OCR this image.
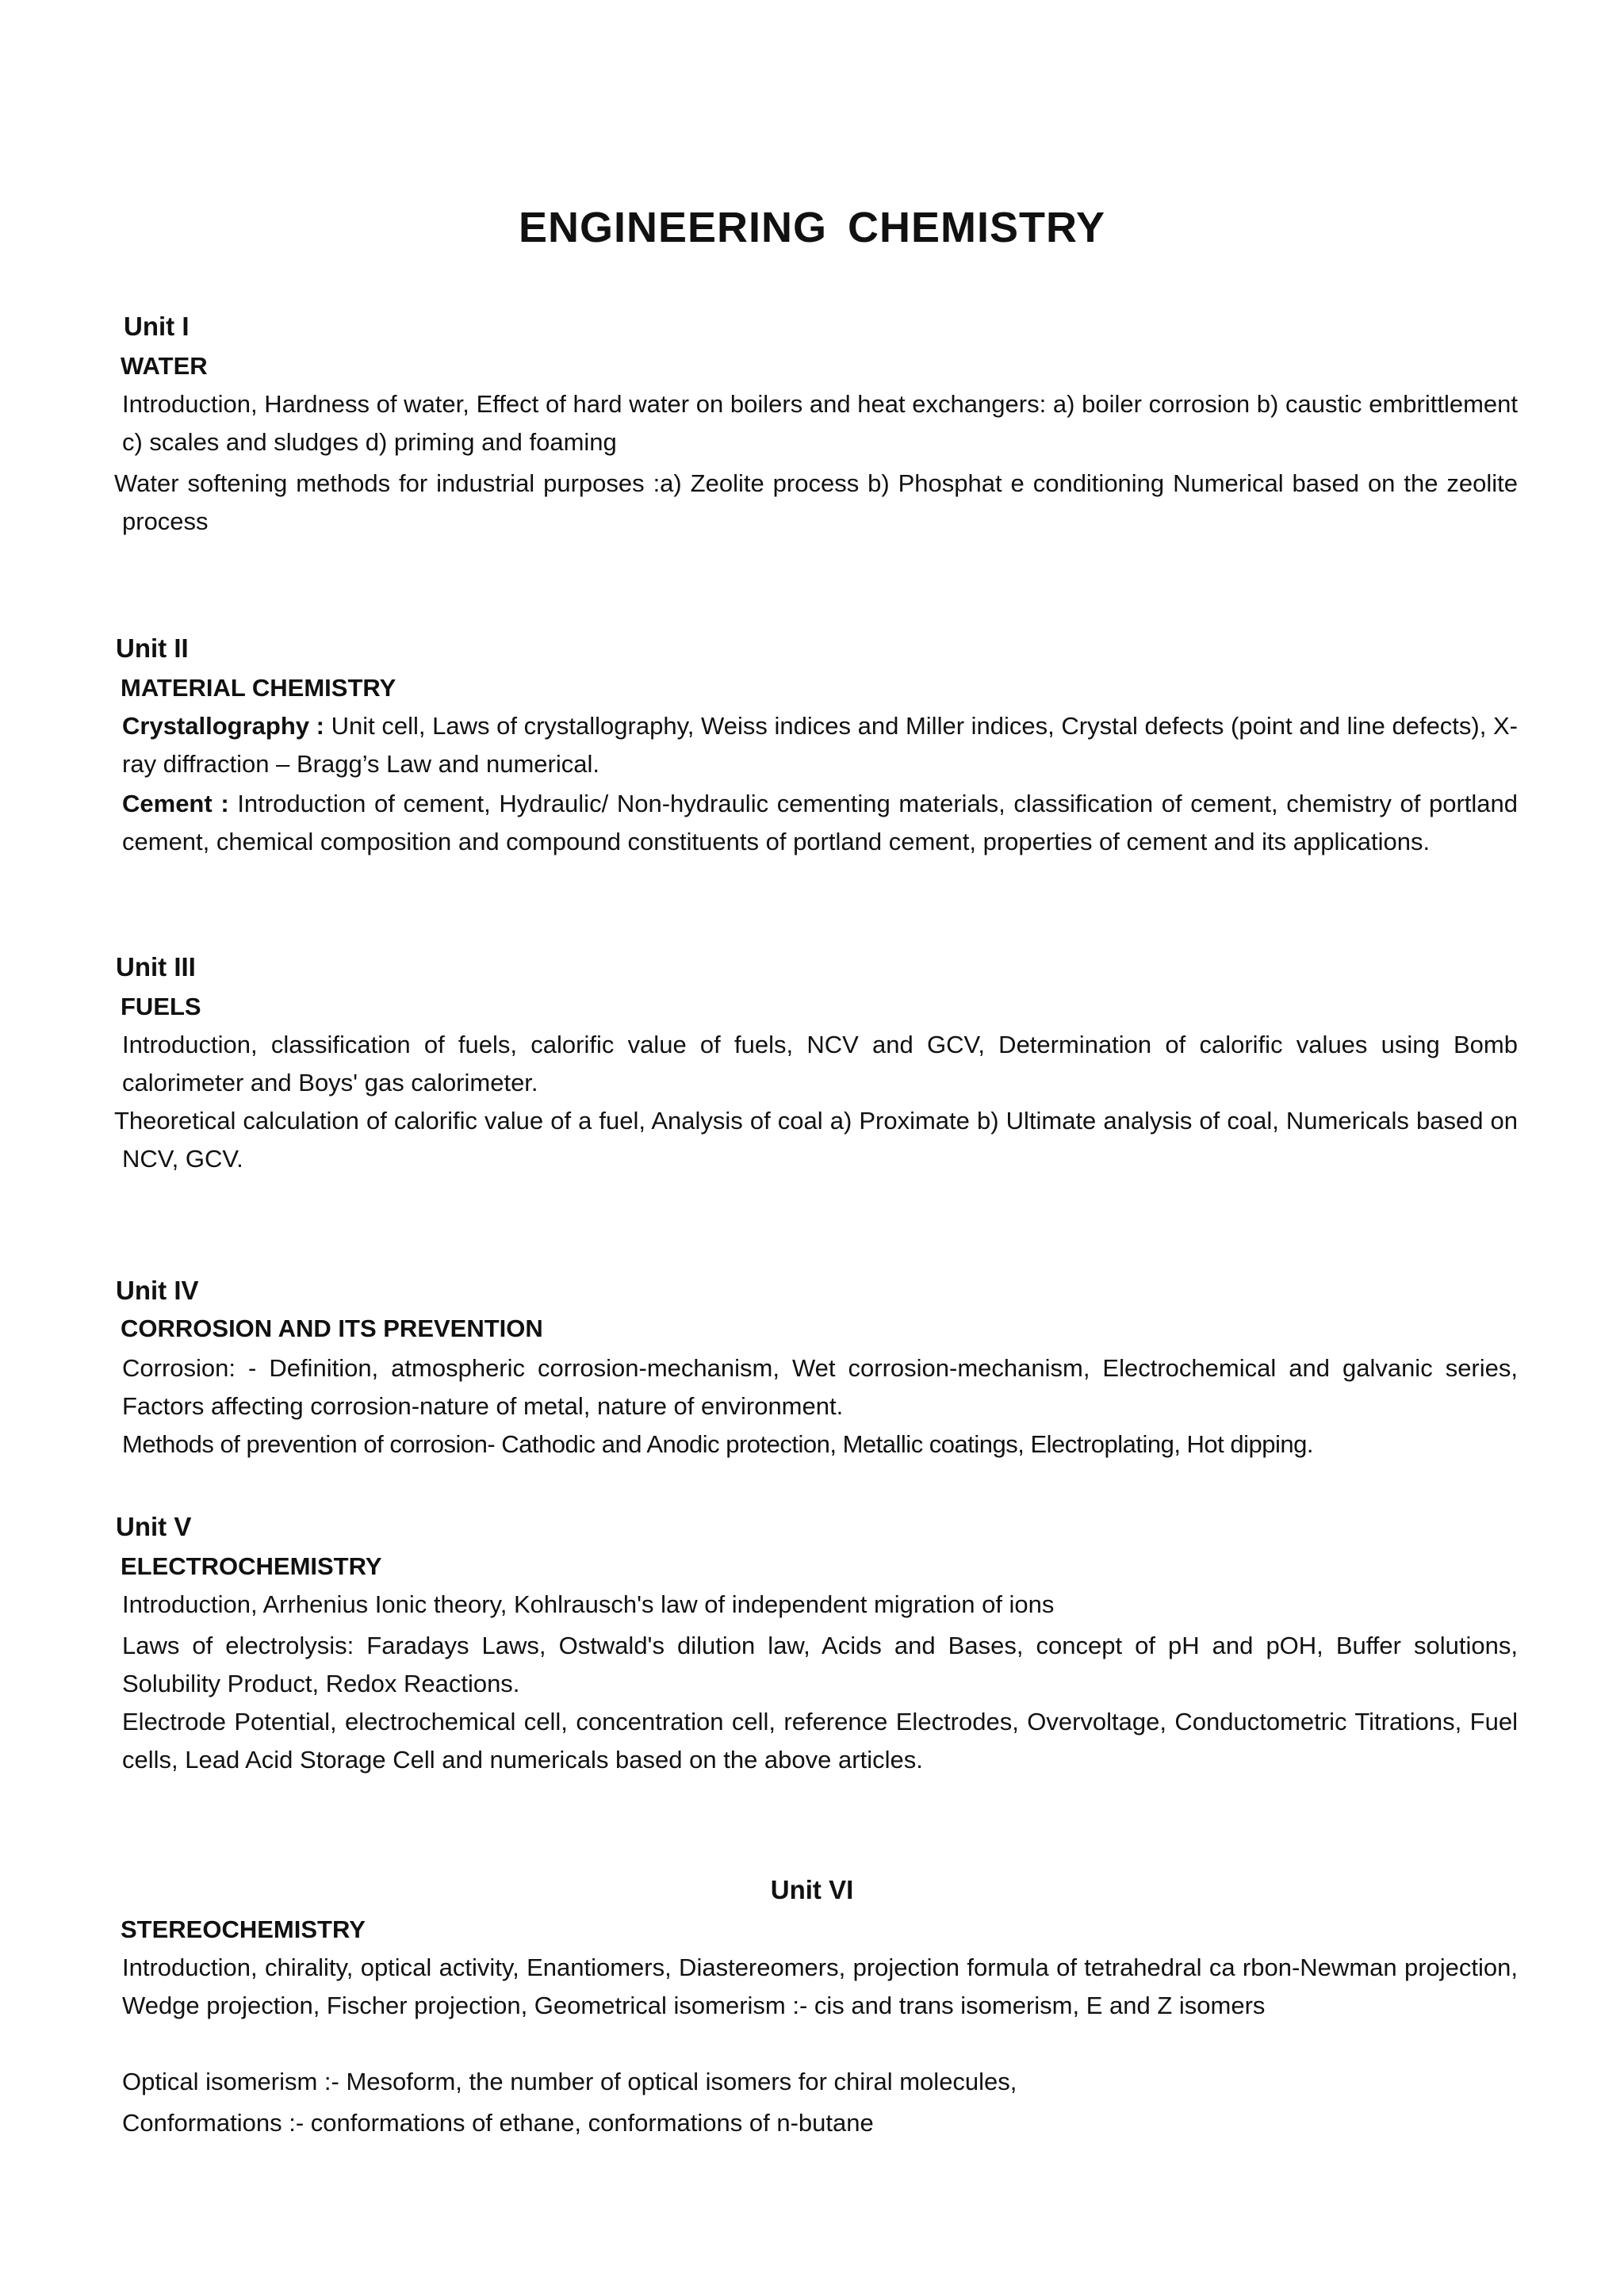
ENGINEERING CHEMISTRY
Unit I
WATER
Introduction, Hardness of water, Effect of hard water on boilers and heat exchangers: a) boiler corrosion b) caustic embrittlement c) scales and sludges d) priming and foaming
Water softening methods for industrial purposes :a) Zeolite process b) Phosphat e conditioning Numerical based on the zeolite process
Unit II
MATERIAL CHEMISTRY
Crystallography : Unit cell, Laws of crystallography, Weiss indices and Miller indices, Crystal defects (point and line defects), X-ray diffraction – Bragg’s Law and numerical.
Cement : Introduction of cement, Hydraulic/ Non-hydraulic cementing materials, classification of cement, chemistry of portland cement, chemical composition and compound constituents of portland cement, properties of cement and its applications.
Unit III
FUELS
Introduction, classification of fuels, calorific value of fuels, NCV and GCV, Determination of calorific values using Bomb calorimeter and Boys' gas calorimeter.
Theoretical calculation of calorific value of a fuel, Analysis of coal a) Proximate b) Ultimate analysis of coal, Numericals based on NCV, GCV.
Unit IV
CORROSION AND ITS PREVENTION
Corrosion: - Definition, atmospheric corrosion-mechanism, Wet corrosion-mechanism, Electrochemical and galvanic series, Factors affecting corrosion-nature of metal, nature of environment.
Methods of prevention of corrosion- Cathodic and Anodic protection, Metallic coatings, Electroplating, Hot dipping.
Unit V
ELECTROCHEMISTRY
Introduction, Arrhenius Ionic theory, Kohlrausch's law of independent migration of ions
Laws of electrolysis: Faradays Laws, Ostwald's dilution law, Acids and Bases, concept of pH and pOH, Buffer solutions, Solubility Product, Redox Reactions.
Electrode Potential, electrochemical cell, concentration cell, reference Electrodes, Overvoltage, Conductometric Titrations, Fuel cells, Lead Acid Storage Cell and numericals based on the above articles.
Unit VI
STEREOCHEMISTRY
Introduction, chirality, optical activity, Enantiomers, Diastereomers, projection formula of tetrahedral ca rbon-Newman projection, Wedge projection, Fischer projection, Geometrical isomerism :- cis and trans isomerism, E and Z isomers
Optical isomerism :- Mesoform, the number of optical isomers for chiral molecules,
Conformations :- conformations of ethane, conformations of n-butane
